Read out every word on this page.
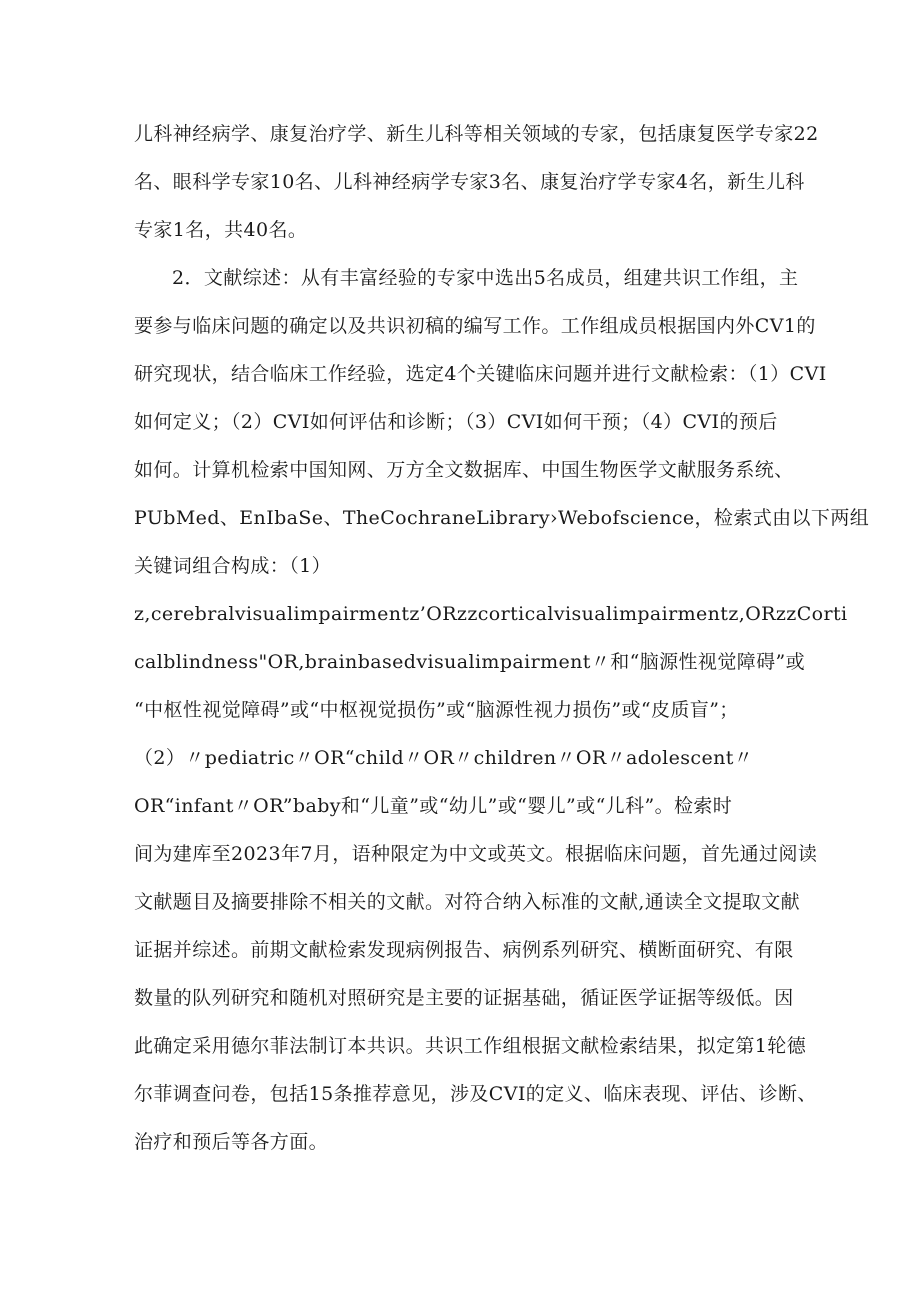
儿科神经病学、康复治疗学、新生儿科等相关领域的专家，包括康复医学专家22
名、眼科学专家10名、儿科神经病学专家3名、康复治疗学专家4名，新生儿科
专家1名，共40名。
2．文献综述：从有丰富经验的专家中选出5名成员，组建共识工作组，主
要参与临床问题的确定以及共识初稿的编写工作。工作组成员根据国内外CV1的
研究现状，结合临床工作经验，选定4个关键临床问题并进行文献检索：（1）CVI
如何定义；（2）CVI如何评估和诊断；（3）CVI如何干预；（4）CVI的预后
如何。计算机检索中国知网、万方全文数据库、中国生物医学文献服务系统、
PUbMed、EnIbaSe、TheCochraneLibrary›Webofscience，检索式由以下两组
关键词组合构成：（1）
z,cerebralvisualimpairmentz’ORzzcorticalvisualimpairmentz,ORzzCorti
calblindness"OR,brainbasedvisualimpairment〃和“脑源性视觉障碍”或
“中枢性视觉障碍”或“中枢视觉损伤”或“脑源性视力损伤”或“皮质盲”；
（2）〃pediatric〃OR“child〃OR〃children〃OR〃adolescent〃
OR“infant〃OR”baby和“儿童”或“幼儿”或“婴儿”或“儿科”。检索时
间为建库至2023年7月，语种限定为中文或英文。根据临床问题，首先通过阅读
文献题目及摘要排除不相关的文献。对符合纳入标准的文献,通读全文提取文献
证据并综述。前期文献检索发现病例报告、病例系列研究、横断面研究、有限
数量的队列研究和随机对照研究是主要的证据基础，循证医学证据等级低。因
此确定采用德尔菲法制订本共识。共识工作组根据文献检索结果，拟定第1轮德
尔菲调查问卷，包括15条推荐意见，涉及CVI的定义、临床表现、评估、诊断、
治疗和预后等各方面。
